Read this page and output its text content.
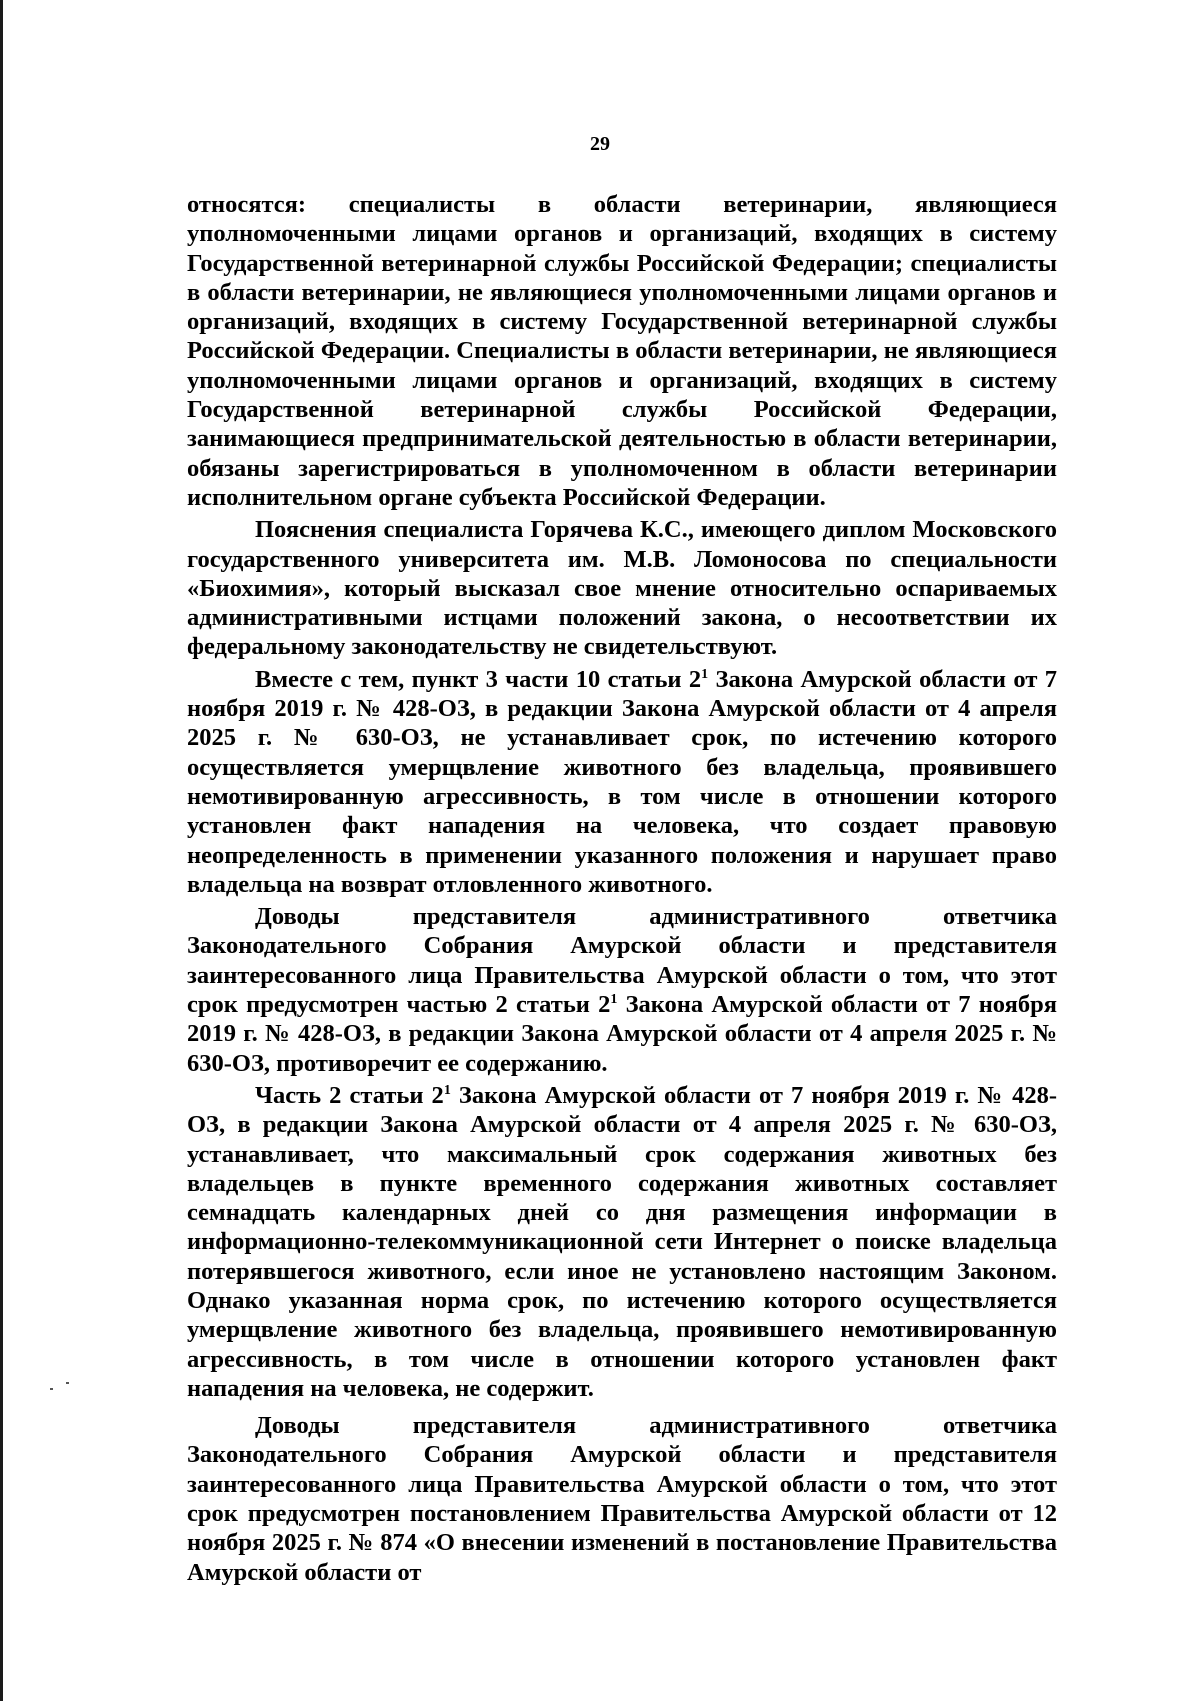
29

относятся: специалисты в области ветеринарии, являющиеся уполномоченными лицами органов и организаций, входящих в систему Государственной ветеринарной службы Российской Федерации; специалисты в области ветеринарии, не являющиеся уполномоченными лицами органов и организаций, входящих в систему Государственной ветеринарной службы Российской Федерации. Специалисты в области ветеринарии, не являющиеся уполномоченными лицами органов и организаций, входящих в систему Государственной ветеринарной службы Российской Федерации, занимающиеся предпринимательской деятельностью в области ветеринарии, обязаны зарегистрироваться в уполномоченном в области ветеринарии исполнительном органе субъекта Российской Федерации.

Пояснения специалиста Горячева К.С., имеющего диплом Московского государственного университета им. М.В. Ломоносова по специальности «Биохимия», который высказал свое мнение относительно оспариваемых административными истцами положений закона, о несоответствии их федеральному законодательству не свидетельствуют.

Вместе с тем, пункт 3 части 10 статьи $2^1$ Закона Амурской области от 7 ноября 2019 г. № 428-ОЗ, в редакции Закона Амурской области от 4 апреля 2025 г. № 630-ОЗ, не устанавливает срок, по истечению которого осуществляется умерщвление животного без владельца, проявившего немотивированную агрессивность, в том числе в отношении которого установлен факт нападения на человека, что создает правовую неопределенность в применении указанного положения и нарушает право владельца на возврат отловленного животного.

Доводы представителя административного ответчика Законодательного Собрания Амурской области и представителя заинтересованного лица Правительства Амурской области о том, что этот срок предусмотрен частью 2 статьи $2^1$ Закона Амурской области от 7 ноября 2019 г. № 428-ОЗ, в редакции Закона Амурской области от 4 апреля 2025 г. № 630-ОЗ, противоречит ее содержанию.

Часть 2 статьи $2^1$ Закона Амурской области от 7 ноября 2019 г. № 428-ОЗ, в редакции Закона Амурской области от 4 апреля 2025 г. № 630-ОЗ, устанавливает, что максимальный срок содержания животных без владельцев в пункте временного содержания животных составляет семнадцать календарных дней со дня размещения информации в информационно-телекоммуникационной сети Интернет о поиске владельца потерявшегося животного, если иное не установлено настоящим Законом. Однако указанная норма срок, по истечению которого осуществляется умерщвление животного без владельца, проявившего немотивированную агрессивность, в том числе в отношении которого установлен факт нападения на человека, не содержит.

Доводы представителя административного ответчика Законодательного Собрания Амурской области и представителя заинтересованного лица Правительства Амурской области о том, что этот срок предусмотрен постановлением Правительства Амурской области от 12 ноября 2025 г. № 874 «О внесении изменений в постановление Правительства Амурской области от
